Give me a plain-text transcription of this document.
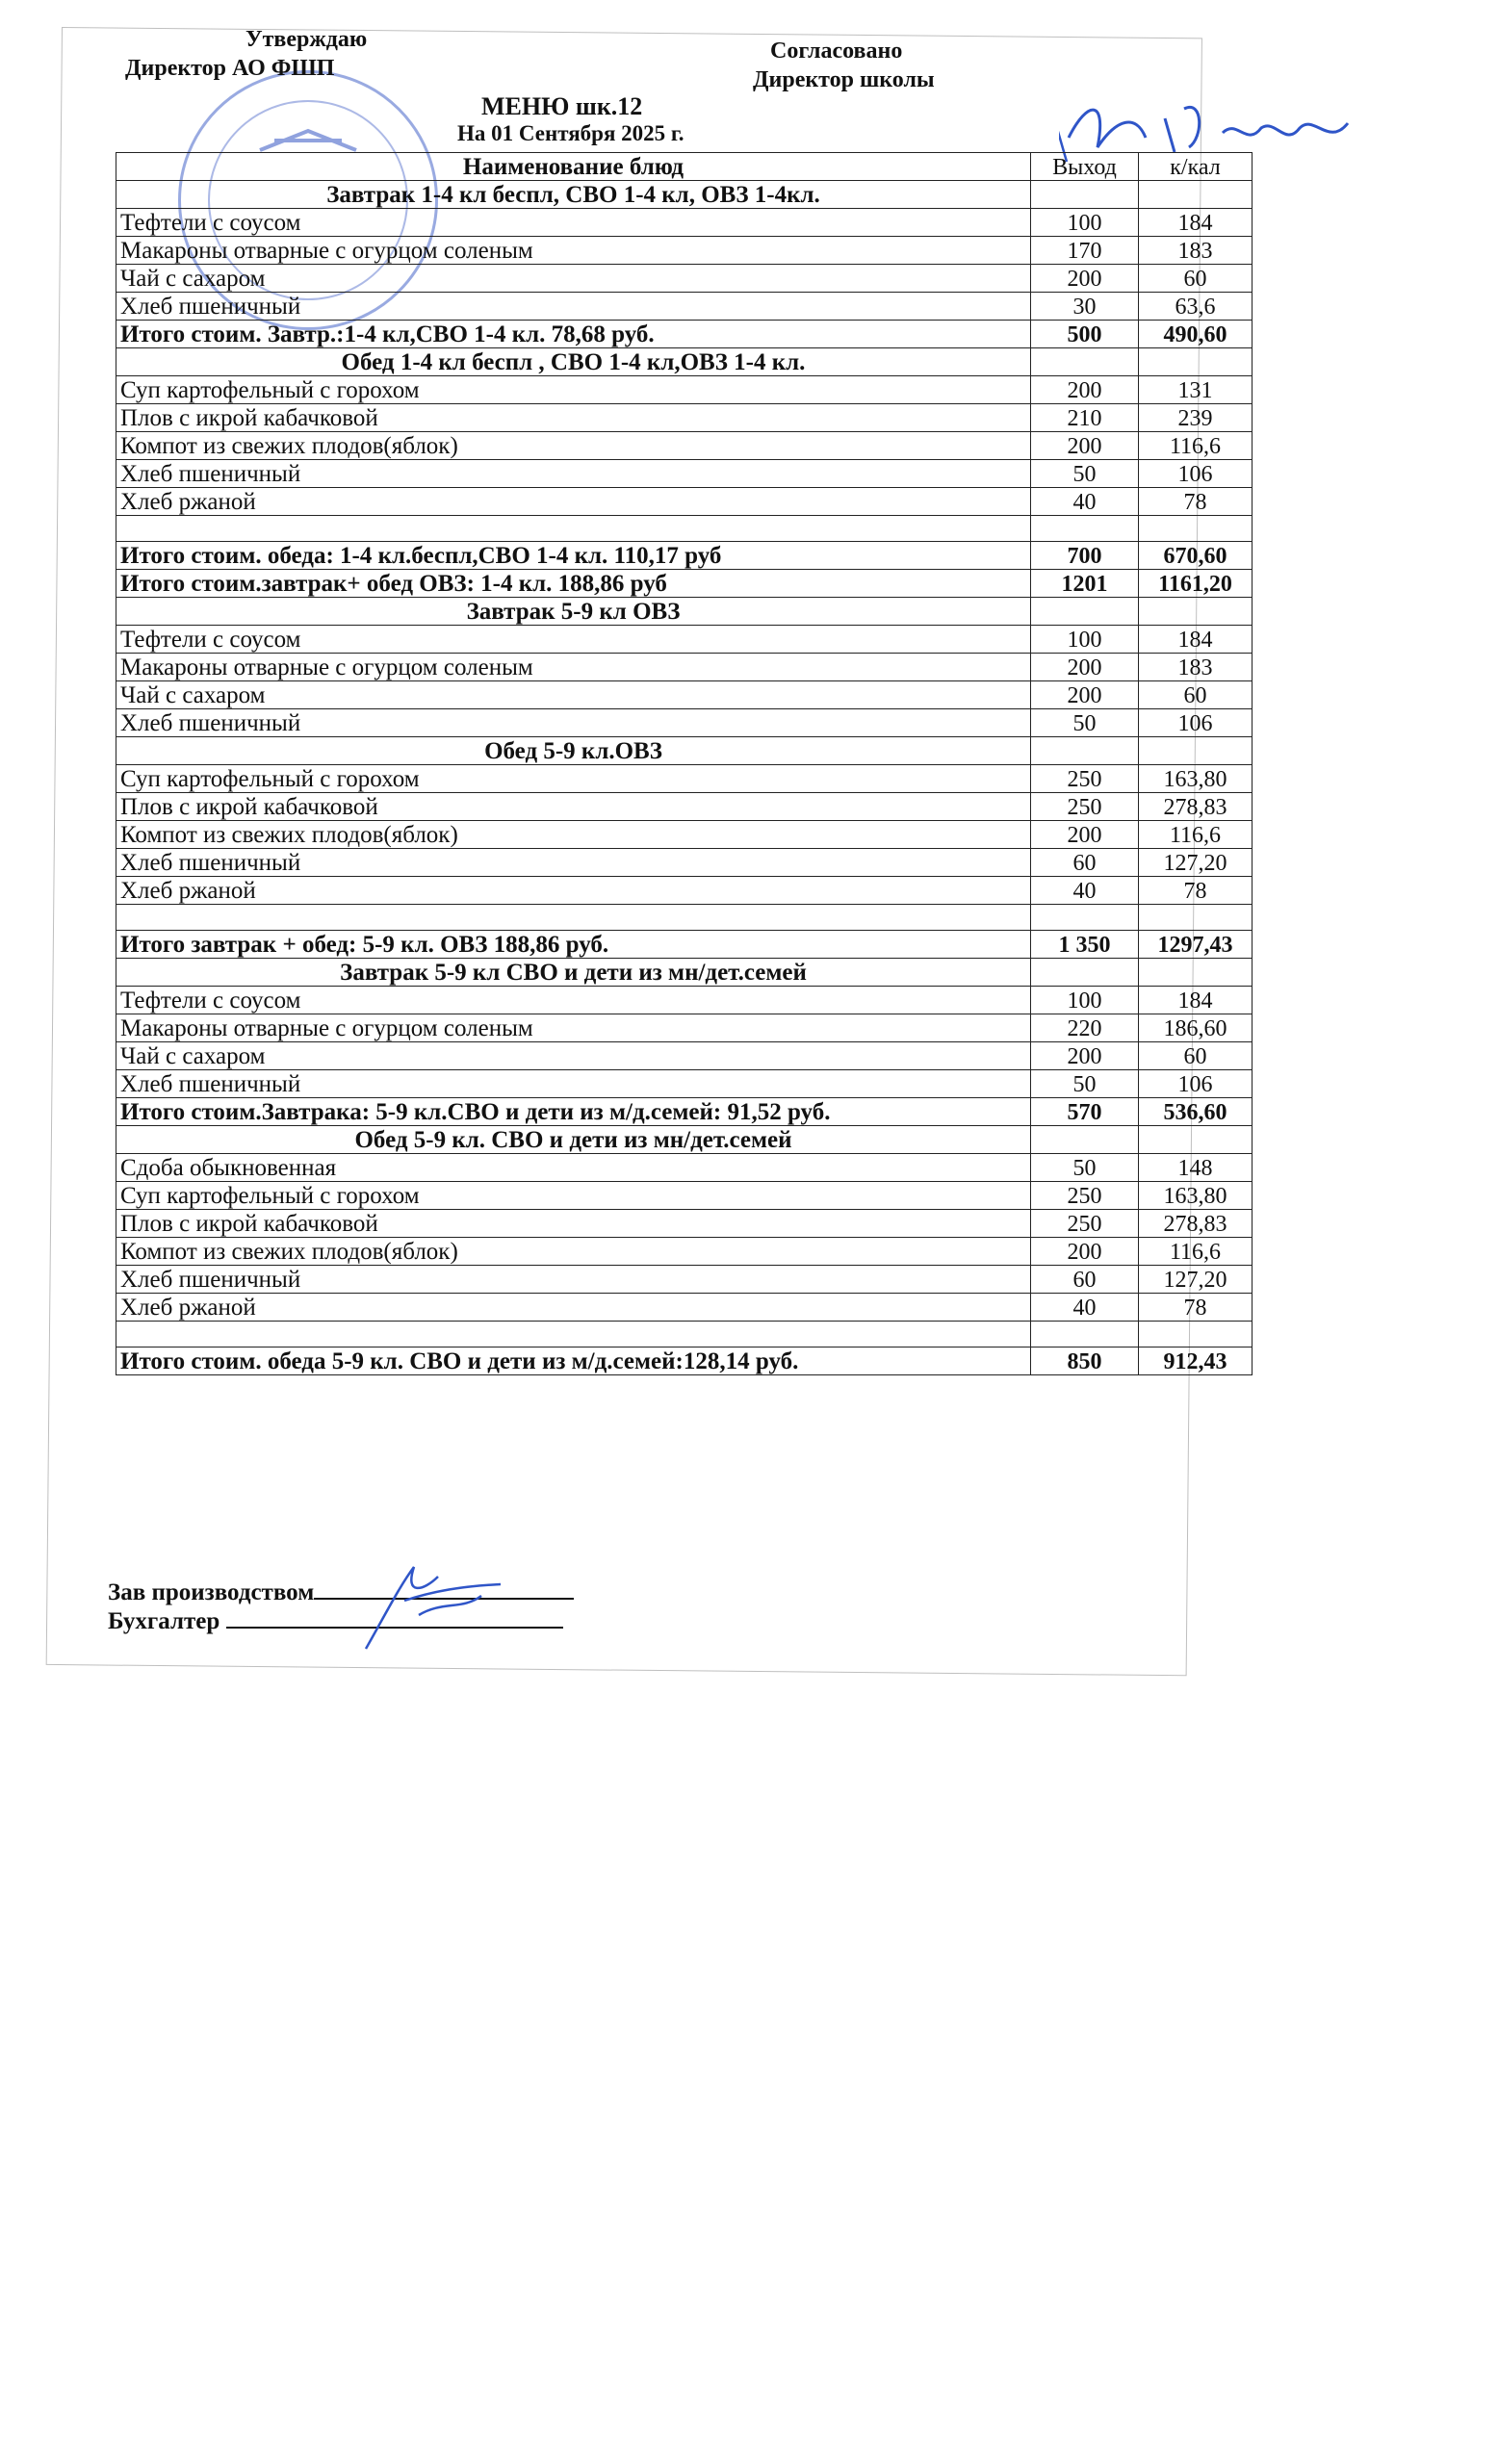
Утверждаю
Директор АО ФШП
Согласовано
Директор школы
МЕНЮ шк.12
На 01 Сентября 2025 г.
Наименование блюд	Выход	к/кал
Завтрак 1-4 кл беспл, СВО 1-4 кл, ОВЗ 1-4кл.		
Тефтели с соусом	100	184
Макароны отварные с огурцом соленым	170	183
Чай с сахаром	200	60
Хлеб пшеничный	30	63,6
Итого стоим. Завтр.:1-4 кл,СВО 1-4 кл. 78,68 руб.	500	490,60
Обед 1-4 кл беспл , СВО 1-4 кл,ОВЗ 1-4 кл.		
Суп картофельный с горохом	200	131
Плов с икрой кабачковой	210	239
Компот из свежих плодов(яблок)	200	116,6
Хлеб пшеничный	50	106
Хлеб ржаной	40	78

Итого стоим. обеда: 1-4 кл.беспл,СВО 1-4 кл. 110,17 руб	700	670,60
Итого стоим.завтрак+ обед ОВЗ: 1-4 кл. 188,86 руб	1201	1161,20
Завтрак 5-9 кл ОВЗ		
Тефтели с соусом	100	184
Макароны отварные с огурцом соленым	200	183
Чай с сахаром	200	60
Хлеб пшеничный	50	106
Обед 5-9 кл.ОВЗ		
Суп картофельный с горохом	250	163,80
Плов с икрой кабачковой	250	278,83
Компот из свежих плодов(яблок)	200	116,6
Хлеб пшеничный	60	127,20
Хлеб ржаной	40	78

Итого завтрак + обед: 5-9 кл. ОВЗ 188,86 руб.	1 350	1297,43
Завтрак 5-9 кл СВО и дети из мн/дет.семей		
Тефтели с соусом	100	184
Макароны отварные с огурцом соленым	220	186,60
Чай с сахаром	200	60
Хлеб пшеничный	50	106
Итого стоим.Завтрака: 5-9 кл.СВО и дети из м/д.семей: 91,52 руб.	570	536,60
Обед 5-9 кл. СВО и дети из мн/дет.семей		
Сдоба обыкновенная	50	148
Суп картофельный с горохом	250	163,80
Плов с икрой кабачковой	250	278,83
Компот из свежих плодов(яблок)	200	116,6
Хлеб пшеничный	60	127,20
Хлеб ржаной	40	78

Итого стоим. обеда 5-9 кл. СВО и дети из м/д.семей:128,14 руб.	850	912,43
Зав производством
Бухгалтер
